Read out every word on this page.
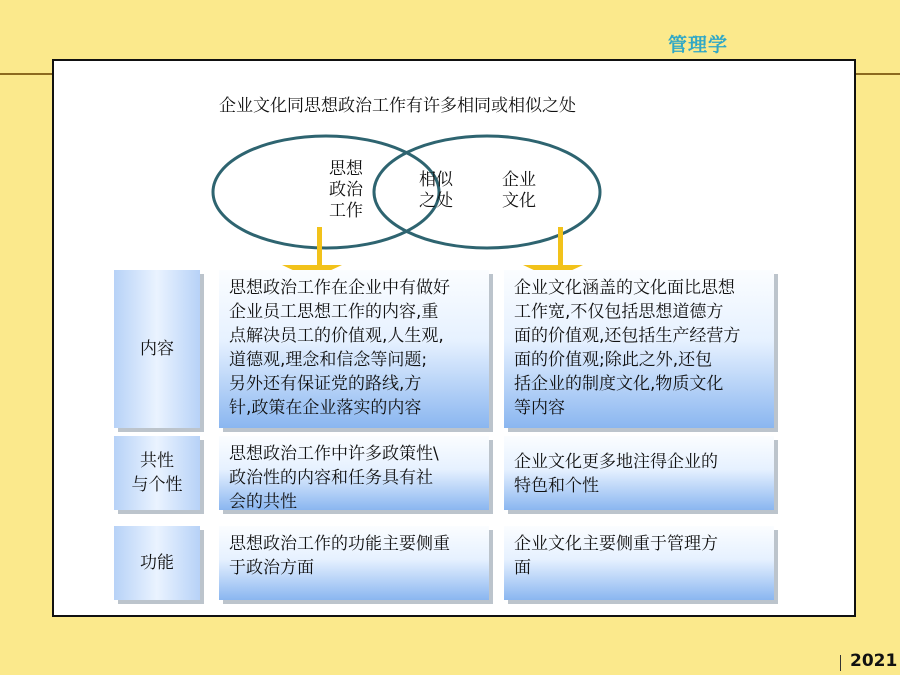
管理学
企业文化同思想政治工作有许多相同或相似之处
思想
政治
工作
相似
之处
企业
文化
内容
思想政治工作在企业中有做好
企业员工思想工作的内容,重
点解决员工的价值观,人生观,
道德观,理念和信念等问题;
另外还有保证党的路线,方
针,政策在企业落实的内容
企业文化涵盖的文化面比思想
工作宽,不仅包括思想道德方
面的价值观,还包括生产经营方
面的价值观;除此之外,还包
括企业的制度文化,物质文化
等内容
共性
与个性
思想政治工作中许多政策性\
政治性的内容和任务具有社
会的共性
企业文化更多地注得企业的
特色和个性
功能
思想政治工作的功能主要侧重
于政治方面
企业文化主要侧重于管理方
面
2021
